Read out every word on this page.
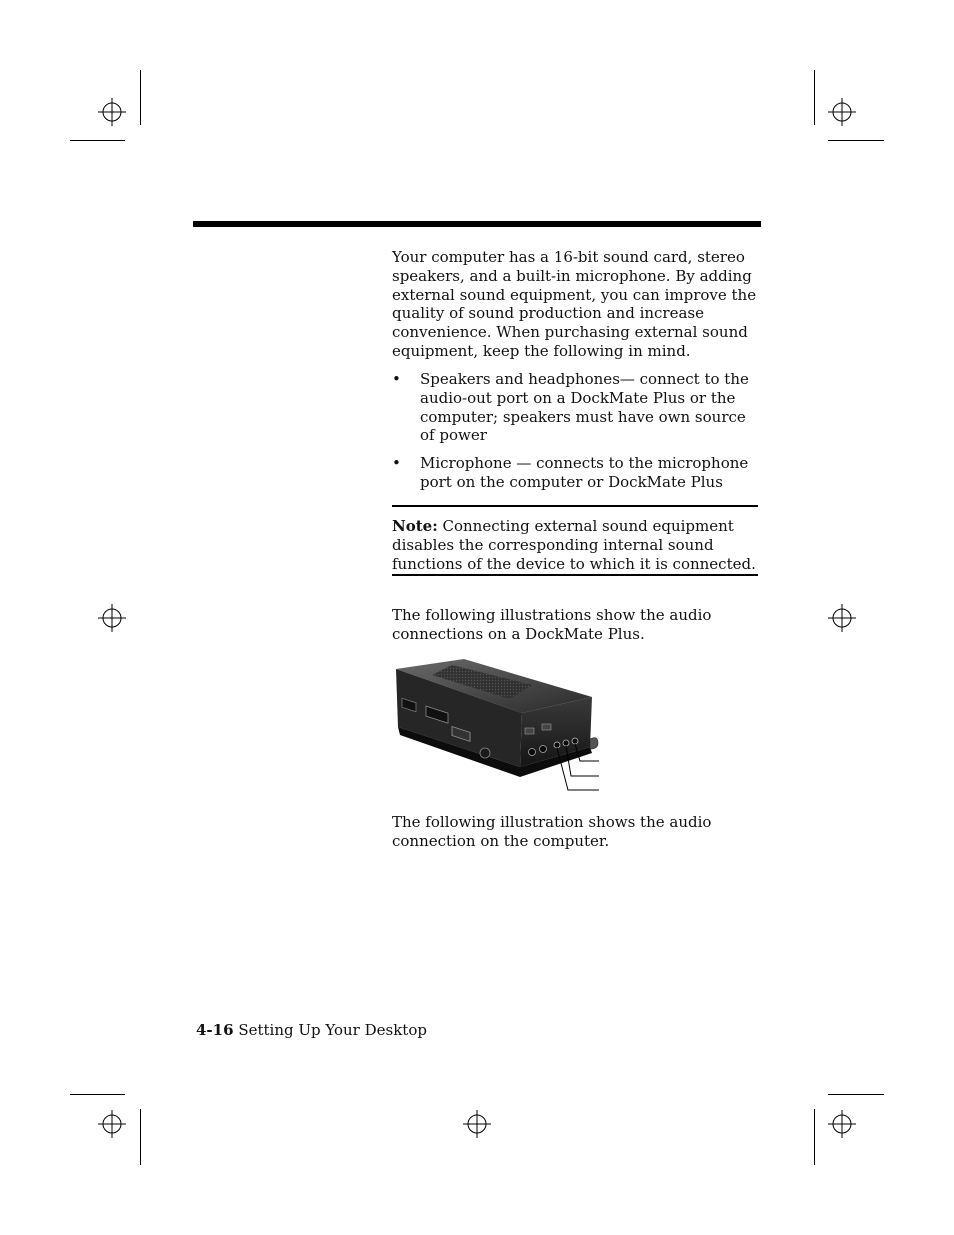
Your computer has a 16-bit sound card, stereo speakers, and a built-in microphone. By adding external sound equipment, you can improve the quality of sound production and increase convenience. When purchasing external sound equipment, keep the following in mind.

•	Speakers and headphones— connect to the audio-out port on a DockMate Plus or the computer; speakers must have own source of power
•	Microphone — connects to the microphone port on the computer or DockMate Plus

Note: Connecting external sound equipment disables the corresponding internal sound functions of the device to which it is connected.

The following illustrations show the audio connections on a DockMate Plus.

The following illustration shows the audio connection on the computer.

4-16 Setting Up Your Desktop
